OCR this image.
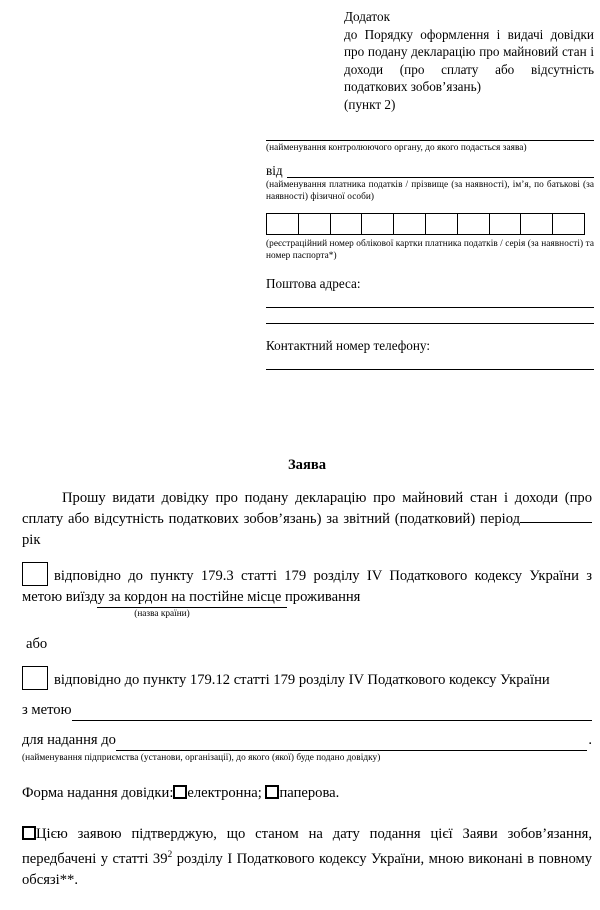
Додаток
до Порядку оформлення і видачі довідки про подану декларацію про майновий стан і доходи (про сплату або відсутність податкових зобов’язань)
(пункт 2)
(найменування контролюючого органу, до якого подасться заява)
від
(найменування платника податків / прізвище (за наявності), ім’я, по батькові (за наявності) фізичної особи)
(реєстраційний номер облікової картки платника податків / серія (за наявності) та номер паспорта*)
Поштова адреса:
Контактний номер телефону:
Заява

Прошу видати довідку про подану декларацію про майновий стан і доходи (про сплату або відсутність податкових зобов’язань) за звітний (податковий) період рік

відповідно до пункту 179.3 статті 179 розділу IV Податкового кодексу України з метою виїзду за кордон на постійне місце проживання
(назва країни)
або
відповідно до пункту 179.12 статті 179 розділу IV Податкового кодексу України
з метою
для надання до	.
(найменування підприємства (установи, організації), до якого (якої) буде подано довідку)
Форма надання довідки: електронна; паперова.
Цією заявою підтверджую, що станом на дату подання цієї Заяви зобов’язання, передбачені у статті $39^2$ розділу I Податкового кодексу України, мною виконані в повному обсязі**.
